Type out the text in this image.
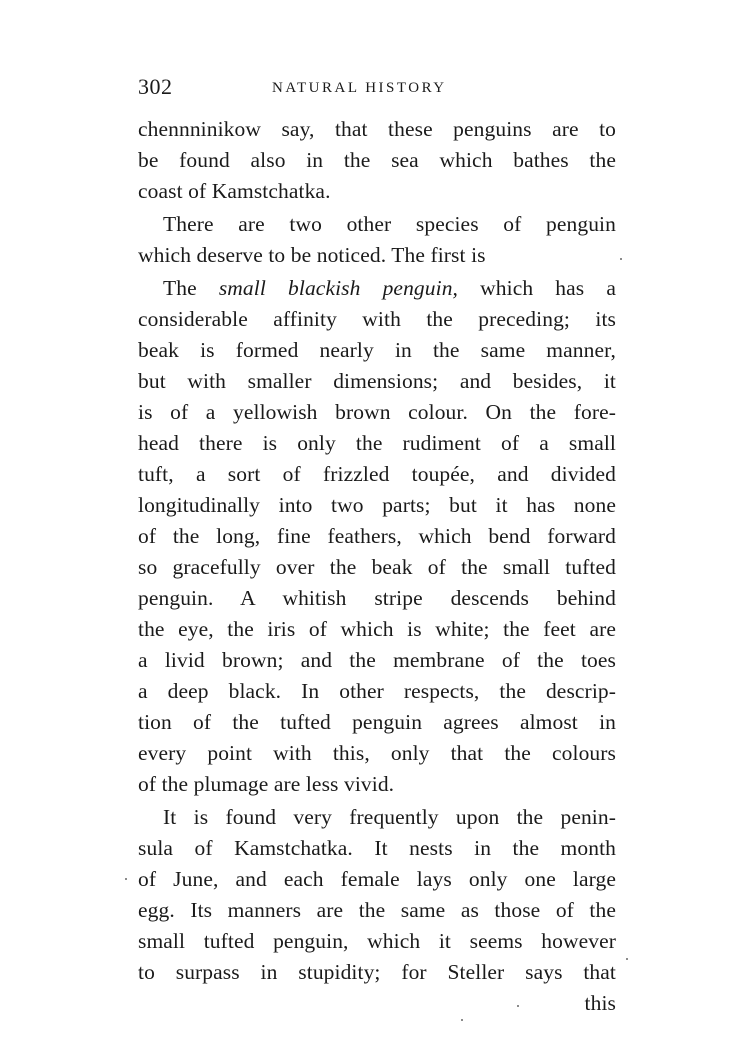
302	NATURAL HISTORY
chennninikow say, that these penguins are to
be found also in the sea which bathes the
coast of Kamstchatka.
There are two other species of penguin
which deserve to be noticed. The first is
The small blackish penguin, which has a
considerable affinity with the preceding; its
beak is formed nearly in the same manner,
but with smaller dimensions; and besides, it
is of a yellowish brown colour. On the fore-
head there is only the rudiment of a small
tuft, a sort of frizzled toupée, and divided
longitudinally into two parts; but it has none
of the long, fine feathers, which bend forward
so gracefully over the beak of the small tufted
penguin. A whitish stripe descends behind
the eye, the iris of which is white; the feet are
a livid brown; and the membrane of the toes
a deep black. In other respects, the descrip-
tion of the tufted penguin agrees almost in
every point with this, only that the colours
of the plumage are less vivid.
It is found very frequently upon the penin-
sula of Kamstchatka. It nests in the month
of June, and each female lays only one large
egg. Its manners are the same as those of the
small tufted penguin, which it seems however
to surpass in stupidity; for Steller says that
this
